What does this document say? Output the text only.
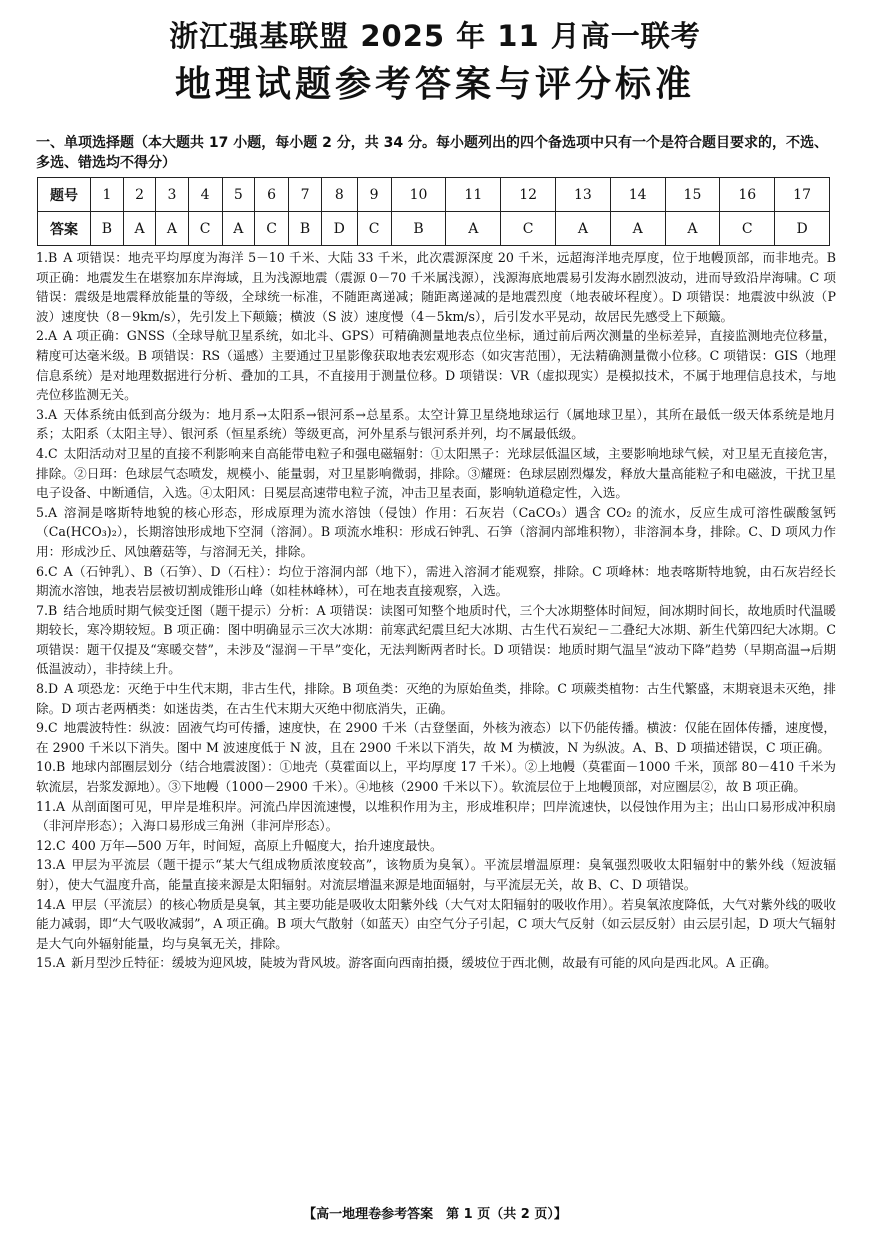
浙江强基联盟 2025 年 11 月高一联考
地理试题参考答案与评分标准
一、单项选择题（本大题共 17 小题，每小题 2 分，共 34 分。每小题列出的四个备选项中只有一个是符合题目要求的，不选、多选、错选均不得分）
题号	1	2	3	4	5	6	7	8	9	10	11	12	13	14	15	16	17
答案	B	A	A	C	A	C	B	D	C	B	A	C	A	A	A	C	D

1.B A 项错误：地壳平均厚度为海洋 5－10 千米、大陆 33 千米，此次震源深度 20 千米，远超海洋地壳厚度，位于地幔顶部，而非地壳。B 项正确：地震发生在堪察加东岸海域，且为浅源地震（震源 0－70 千米属浅源），浅源海底地震易引发海水剧烈波动，进而导致沿岸海啸。C 项错误：震级是地震释放能量的等级，全球统一标准，不随距离递减；随距离递减的是地震烈度（地表破坏程度）。D 项错误：地震波中纵波（P 波）速度快（8－9km/s），先引发上下颠簸；横波（S 波）速度慢（4－5km/s），后引发水平晃动，故居民先感受上下颠簸。

2.A A 项正确：GNSS（全球导航卫星系统，如北斗、GPS）可精确测量地表点位坐标，通过前后两次测量的坐标差异，直接监测地壳位移量，精度可达毫米级。B 项错误：RS（遥感）主要通过卫星影像获取地表宏观形态（如灾害范围），无法精确测量微小位移。C 项错误：GIS（地理信息系统）是对地理数据进行分析、叠加的工具，不直接用于测量位移。D 项错误：VR（虚拟现实）是模拟技术，不属于地理信息技术，与地壳位移监测无关。

3.A 天体系统由低到高分级为：地月系→太阳系→银河系→总星系。太空计算卫星绕地球运行（属地球卫星），其所在最低一级天体系统是地月系；太阳系（太阳主导）、银河系（恒星系统）等级更高，河外星系与银河系并列，均不属最低级。

4.C 太阳活动对卫星的直接不利影响来自高能带电粒子和强电磁辐射：①太阳黑子：光球层低温区域，主要影响地球气候，对卫星无直接危害，排除。②日珥：色球层气态喷发，规模小、能量弱，对卫星影响微弱，排除。③耀斑：色球层剧烈爆发，释放大量高能粒子和电磁波，干扰卫星电子设备、中断通信，入选。④太阳风：日冕层高速带电粒子流，冲击卫星表面，影响轨道稳定性，入选。

5.A 溶洞是喀斯特地貌的核心形态，形成原理为流水溶蚀（侵蚀）作用：石灰岩（CaCO₃）遇含 CO₂ 的流水，反应生成可溶性碳酸氢钙（Ca(HCO₃)₂），长期溶蚀形成地下空洞（溶洞）。B 项流水堆积：形成石钟乳、石笋（溶洞内部堆积物），非溶洞本身，排除。C、D 项风力作用：形成沙丘、风蚀蘑菇等，与溶洞无关，排除。

6.C A（石钟乳）、B（石笋）、D（石柱）：均位于溶洞内部（地下），需进入溶洞才能观察，排除。C 项峰林：地表喀斯特地貌，由石灰岩经长期流水溶蚀，地表岩层被切割成锥形山峰（如桂林峰林），可在地表直接观察，入选。

7.B 结合地质时期气候变迁图（题干提示）分析：A 项错误：读图可知整个地质时代，三个大冰期整体时间短，间冰期时间长，故地质时代温暖期较长，寒冷期较短。B 项正确：图中明确显示三次大冰期：前寒武纪震旦纪大冰期、古生代石炭纪－二叠纪大冰期、新生代第四纪大冰期。C 项错误：题干仅提及“寒暖交替”，未涉及“湿润－干旱”变化，无法判断两者时长。D 项错误：地质时期气温呈“波动下降”趋势（早期高温→后期低温波动），非持续上升。

8.D A 项恐龙：灭绝于中生代末期，非古生代，排除。B 项鱼类：灭绝的为原始鱼类，排除。C 项蕨类植物：古生代繁盛，末期衰退未灭绝，排除。D 项古老两栖类：如迷齿类，在古生代末期大灭绝中彻底消失，正确。

9.C 地震波特性：纵波：固液气均可传播，速度快，在 2900 千米（古登堡面，外核为液态）以下仍能传播。横波：仅能在固体传播，速度慢，在 2900 千米以下消失。图中 M 波速度低于 N 波，且在 2900 千米以下消失，故 M 为横波，N 为纵波。A、B、D 项描述错误，C 项正确。

10.B 地球内部圈层划分（结合地震波图）：①地壳（莫霍面以上，平均厚度 17 千米）。②上地幔（莫霍面－1000 千米，顶部 80－410 千米为软流层，岩浆发源地）。③下地幔（1000－2900 千米）。④地核（2900 千米以下）。软流层位于上地幔顶部，对应圈层②，故 B 项正确。

11.A 从剖面图可见，甲岸是堆积岸。河流凸岸因流速慢，以堆积作用为主，形成堆积岸；凹岸流速快，以侵蚀作用为主；出山口易形成冲积扇（非河岸形态）；入海口易形成三角洲（非河岸形态）。

12.C 400 万年—500 万年，时间短，高原上升幅度大，抬升速度最快。

13.A 甲层为平流层（题干提示“某大气组成物质浓度较高”，该物质为臭氧）。平流层增温原理：臭氧强烈吸收太阳辐射中的紫外线（短波辐射），使大气温度升高，能量直接来源是太阳辐射。对流层增温来源是地面辐射，与平流层无关，故 B、C、D 项错误。

14.A 甲层（平流层）的核心物质是臭氧，其主要功能是吸收太阳紫外线（大气对太阳辐射的吸收作用）。若臭氧浓度降低，大气对紫外线的吸收能力减弱，即“大气吸收减弱”，A 项正确。B 项大气散射（如蓝天）由空气分子引起，C 项大气反射（如云层反射）由云层引起，D 项大气辐射是大气向外辐射能量，均与臭氧无关，排除。

15.A 新月型沙丘特征：缓坡为迎风坡，陡坡为背风坡。游客面向西南拍摄，缓坡位于西北侧，故最有可能的风向是西北风。A 正确。

【高一地理卷参考答案　第 1 页（共 2 页）】
